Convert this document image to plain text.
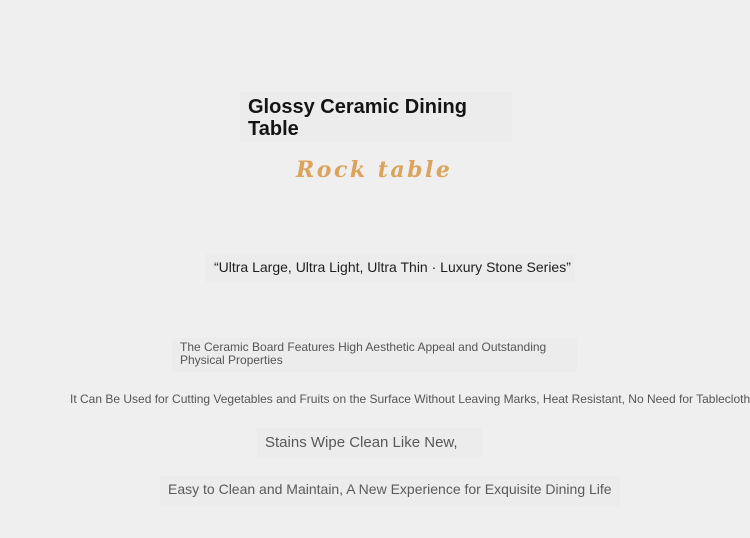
Glossy Ceramic Dining Table
Rock table

“Ultra Large, Ultra Light, Ultra Thin · Luxury Stone Series”

The Ceramic Board Features High Aesthetic Appeal and Outstanding Physical Properties

It Can Be Used for Cutting Vegetables and Fruits on the Surface Without Leaving Marks, Heat Resistant, No Need for Tablecloth

Stains Wipe Clean Like New,

Easy to Clean and Maintain, A New Experience for Exquisite Dining Life
